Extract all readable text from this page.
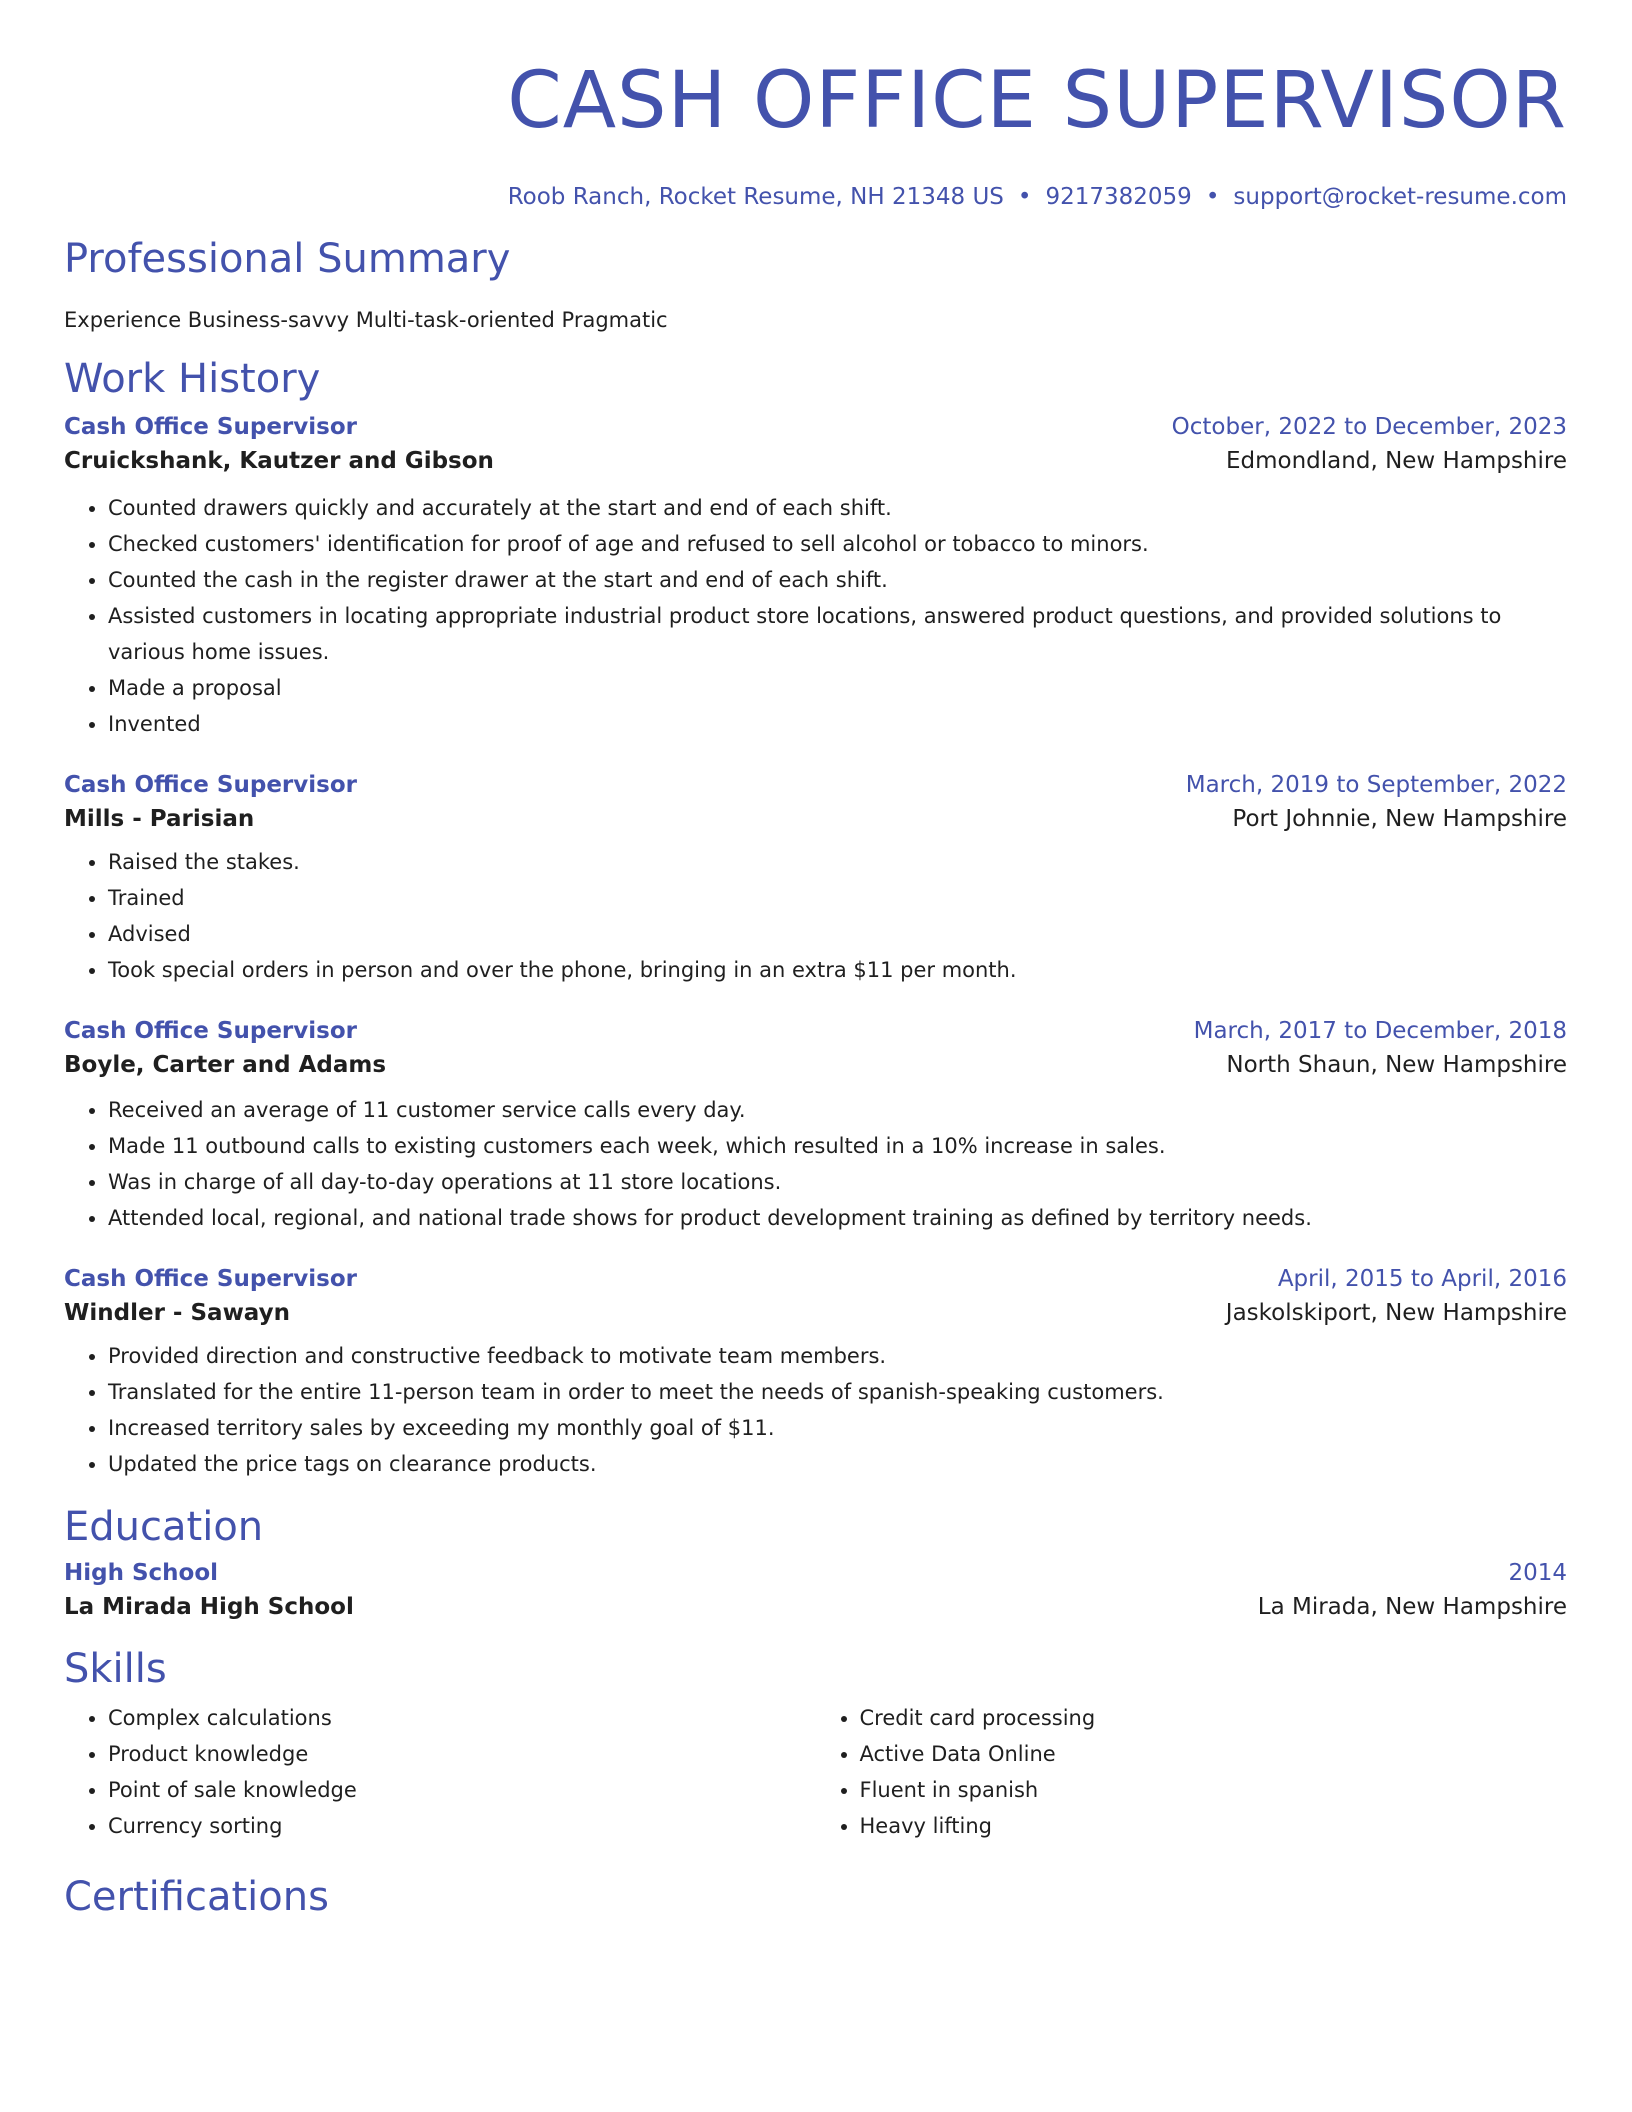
CASH OFFICE SUPERVISOR
Roob Ranch, Rocket Resume, NH 21348 US • 9217382059 • support@rocket-resume.com
Professional Summary

Experience Business-savvy Multi-task-oriented Pragmatic

Work History
Cash Office Supervisor	October, 2022 to December, 2023
Cruickshank, Kautzer and Gibson	Edmondland, New Hampshire
• Counted drawers quickly and accurately at the start and end of each shift.
• Checked customers' identification for proof of age and refused to sell alcohol or tobacco to minors.
• Counted the cash in the register drawer at the start and end of each shift.
• Assisted customers in locating appropriate industrial product store locations, answered product questions, and provided solutions to various home issues.
• Made a proposal
• Invented
Cash Office Supervisor	March, 2019 to September, 2022
Mills - Parisian	Port Johnnie, New Hampshire
• Raised the stakes.
• Trained
• Advised
• Took special orders in person and over the phone, bringing in an extra $11 per month.
Cash Office Supervisor	March, 2017 to December, 2018
Boyle, Carter and Adams	North Shaun, New Hampshire
• Received an average of 11 customer service calls every day.
• Made 11 outbound calls to existing customers each week, which resulted in a 10% increase in sales.
• Was in charge of all day-to-day operations at 11 store locations.
• Attended local, regional, and national trade shows for product development training as defined by territory needs.
Cash Office Supervisor	April, 2015 to April, 2016
Windler - Sawayn	Jaskolskiport, New Hampshire
• Provided direction and constructive feedback to motivate team members.
• Translated for the entire 11-person team in order to meet the needs of spanish-speaking customers.
• Increased territory sales by exceeding my monthly goal of $11.
• Updated the price tags on clearance products.
Education
High School	2014
La Mirada High School	La Mirada, New Hampshire
Skills
• Complex calculations
• Product knowledge
• Point of sale knowledge
• Currency sorting
• Credit card processing
• Active Data Online
• Fluent in spanish
• Heavy lifting
Certifications
